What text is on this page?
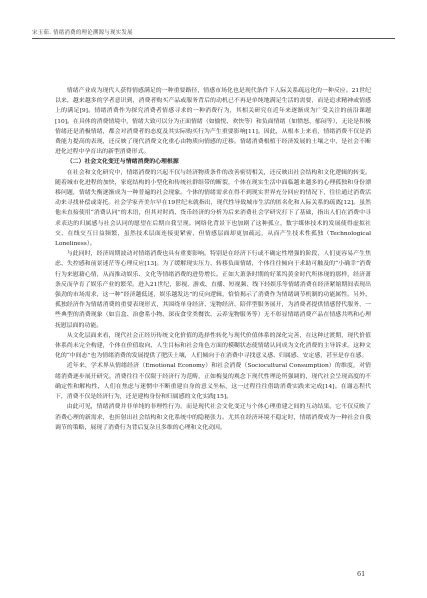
宋玉茹. 情绪消费的理论溯源与现实发展

情绪产业成为现代人获得情感满足的一种重要路径，情感市场化也是现代条件下人际关系疏远化的一种反应。21世纪以来，越来越多的学者意识到，消费者购买产品或服务背后的动机已不再是单纯地满足生活的需要，而是追求精神或情感上的满足[9]。情绪消费作为探究消费者情感寻求的一种消费行为，其相关研究在近年来逐渐成为广受关注的前沿课题[10]。在具体的消费情境中，情绪大致可以分为正面情绪（如愉悦、欢快等）和负面情绪（如愤怒、郁闷等），无论是积极情绪还是消极情绪，都会对消费者的态度及其实际购买行为产生重要影响[11]。因此，从根本上来看，情绪消费不仅是消费能力提高的表现，还反映了现代消费文化重心由物质向情感的迁移。情绪消费根植于经济发展的土壤之中，是社会不断进化过程中孕育出的新型消费形式。

（二）社会文化变迁与情绪消费的心理根源

在社会和文化研究中，情绪消费的兴起不仅与经济物质条件的改善密切相关，还反映出社会结构和文化逻辑的转变。随着城市化进程的加快，家庭结构的小型化和传统社群组带的断裂，个体在现实生活中面临越来越多的心理孤独和身份漂移问题，情绪失衡逐渐成为一种普遍的社会现象。个体的情绪需求在得不到现实世界充分回应的情况下，往往通过消费活动来寻找补偿或寄托。社会学家齐美尔早在19世纪末就指出，现代性导致城市生活的匿名化和人际关系的疏离[12]。虽然他未直接使用“消费认同”的术语，但其对时尚、货币经济的分析为后来消费社会学研究打下了基础，指出人们在消费中寻求表达的归属感与社会认同的愿望在后期自我呈现。网络化背景下也加剧了这种孤立，数字媒体技术的发展使得虚拟社交、在线交互日益频繁，虽然技术层面连接更紧密，但情感层面却更加疏远，从而产生技术性孤独（Technological Loneliness）。

与此同时，经济周期波动对情绪消费也具有重要影响。特别是在经济下行或不确定性增强的阶段，人们更容易产生焦虑、失控感和前景迷茫等心理反应[13]。为了缓解现实压力、转移负面情绪，个体往往倾向于求助可触及的“小确幸”消费行为来慰藉心情，从而推动娱乐、文化等情绪消费的进势增长。正如大萧条时期的好莱坞黄金时代所体现的那样，经济萧条反而孕育了娱乐产业的繁荣。进入21世纪，影视、游戏、直播、短视频、线下轻娱乐等情绪消费在经济紧缩期间表现出强劲的市场需求，这一种“经济越低迷，娱乐越发达”的反向逻辑，恰恰揭示了消费作为情绪调节机制的功能属性。另外，孤独经济作为情绪消费的重要表现形式，其围绕单身经济、宠物经济、陪伴型服务展开，为消费者提供情感替代服务，一些典型的消费现象（如盲盒、治愈系小物、深夜食堂类餐饮、云养宠物服务等）无不彰显情绪消费产品在情感共鸣和心理抚慰层面的功能。

从文化层面来看，现代社会正经历传统文化价值的选择性转化与现代价值体系的深化完善，在这种过渡期，现代价值体系尚未完全构建，个体在价值取向、人生目标和社会角色方面的模糊状态使情绪认同成为文化消费的主导诉求。这种文化的“中间态”也为情绪消费的发展提供了肥沃土壤，人们倾向于在消费中寻找意义感、归属感、安定感，甚至是存在感。

近年来，学术界从情绪经济（Emotional Economy）和社会消费（Sociocultural Consumption）的维度，对情绪消费逐步展开研究。消费往往不仅限于经济行为范畴，正如梅曼的观念下现代性理论所强调的，现代社会呈现高度的不确定性和解构性，人们在焦虑与迷惘中不断重建自身的意义坐标，这一过程往往借助消费实践来完成[14]。在谢志程代下，消费不仅是经济行为，还是建构身份和归属感的文化实践[15]。

由此可见，情绪消费并非单纯的非理性行为，而是现代社会文化变迁与个体心理重建之间的互动结果。它不仅反映了消费心理的新需求，也折射出社会结构和文化系统中的隐秘张力。尤其在经济环境不稳定时，情绪消费成为一种社会自我调节的策略，展现了消费行为背后复杂且多维的心理和文化动因。

61
